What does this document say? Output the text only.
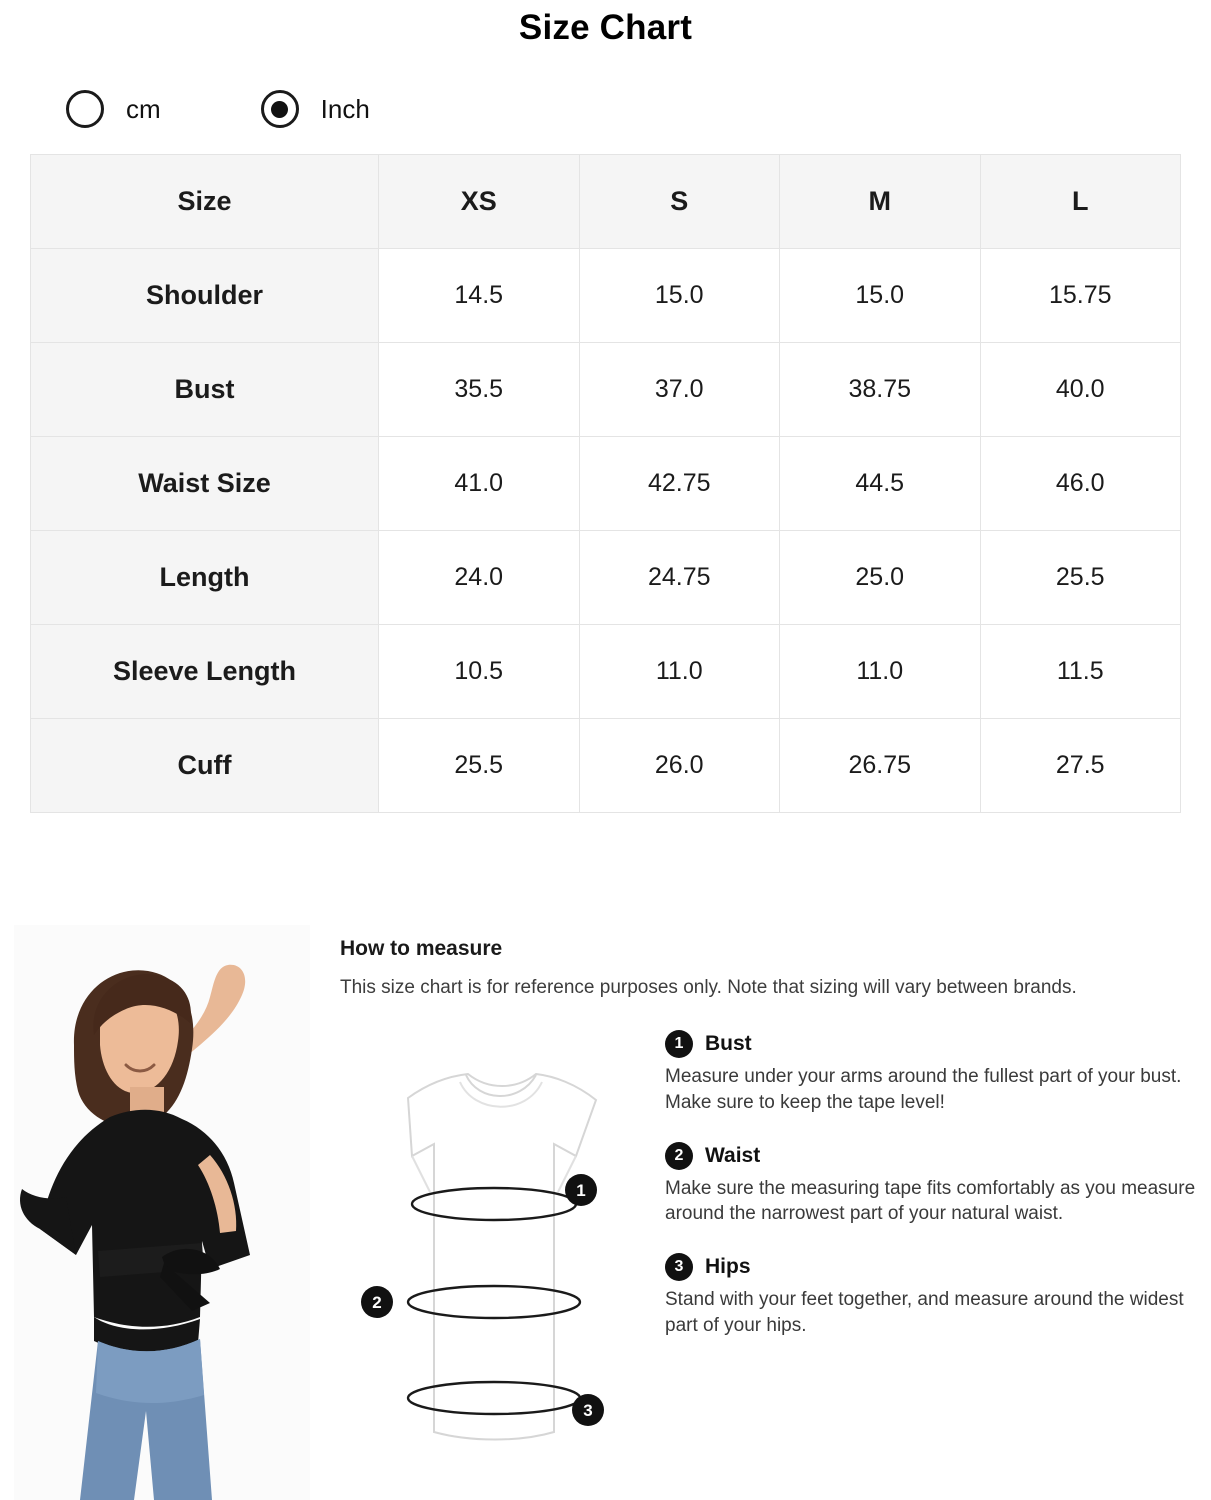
Size Chart
cm	Inch
Size	XS	S	M	L
Shoulder	14.5	15.0	15.0	15.75
Bust	35.5	37.0	38.75	40.0
Waist Size	41.0	42.75	44.5	46.0
Length	24.0	24.75	25.0	25.5
Sleeve Length	10.5	11.0	11.0	11.5
Cuff	25.5	26.0	26.75	27.5
How to measure
This size chart is for reference purposes only. Note that sizing will vary between brands.
1
2
3
1	Bust
Measure under your arms around the fullest part of your bust. Make sure to keep the tape level!
2	Waist
Make sure the measuring tape fits comfortably as you measure around the narrowest part of your natural waist.
3	Hips
Stand with your feet together, and measure around the widest part of your hips.
